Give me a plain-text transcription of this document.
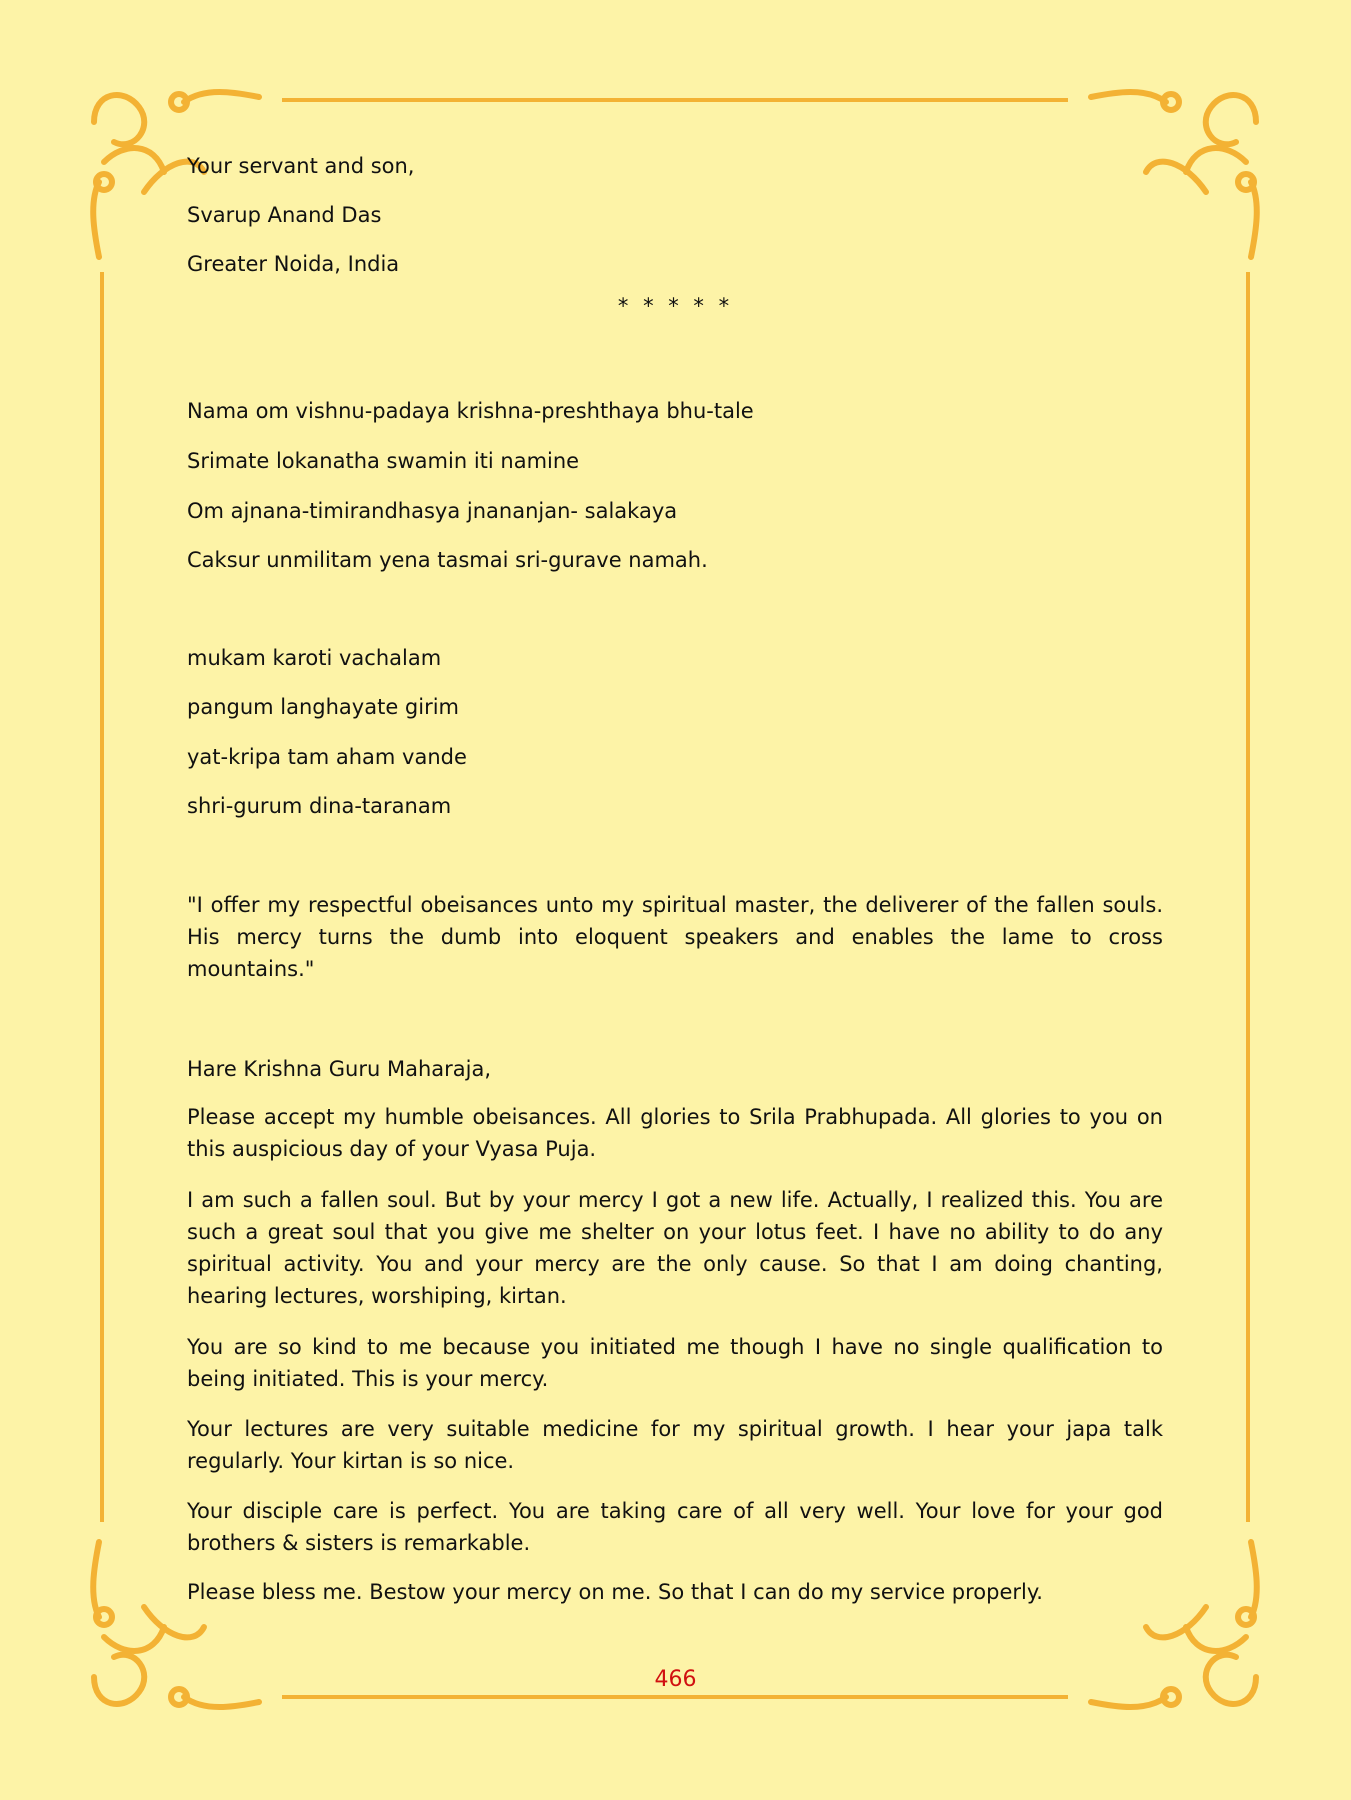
Your servant and son,
Svarup Anand Das
Greater Noida, India
* * * * *
Nama om vishnu-padaya krishna-preshthaya bhu-tale
Srimate lokanatha swamin iti namine
Om ajnana-timirandhasya jnananjan- salakaya
Caksur unmilitam yena tasmai sri-gurave namah.
mukam karoti vachalam
pangum langhayate girim
yat-kripa tam aham vande
shri-gurum dina-taranam
"I offer my respectful obeisances unto my spiritual master, the deliverer of the fallen souls. His mercy turns the dumb into eloquent speakers and enables the lame to cross mountains."
Hare Krishna Guru Maharaja,
Please accept my humble obeisances. All glories to Srila Prabhupada. All glories to you on this auspicious day of your Vyasa Puja.
I am such a fallen soul. But by your mercy I got a new life. Actually, I realized this. You are such a great soul that you give me shelter on your lotus feet. I have no ability to do any spiritual activity. You and your mercy are the only cause. So that I am doing chanting, hearing lectures, worshiping, kirtan.
You are so kind to me because you initiated me though I have no single qualification to being initiated. This is your mercy.
Your lectures are very suitable medicine for my spiritual growth. I hear your japa talk regularly. Your kirtan is so nice.
Your disciple care is perfect. You are taking care of all very well. Your love for your god brothers & sisters is remarkable.
Please bless me. Bestow your mercy on me. So that I can do my service properly.
466
